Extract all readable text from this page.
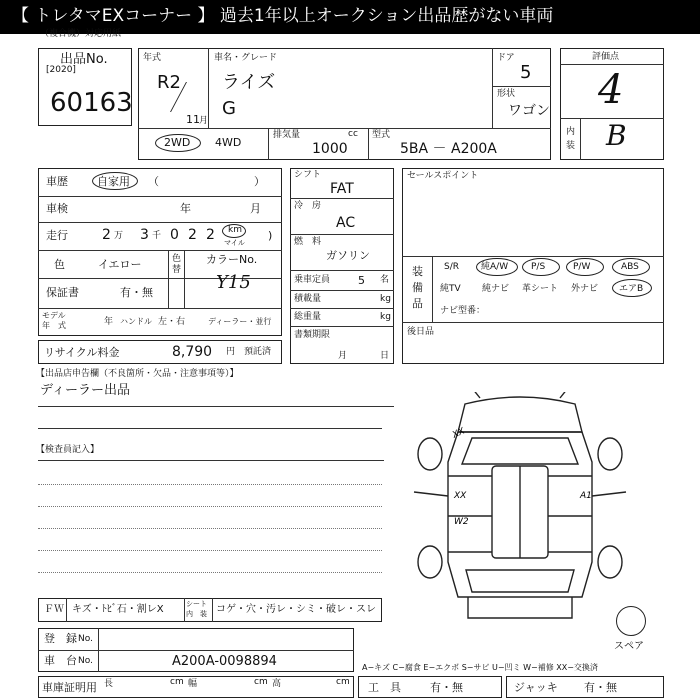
【 トレタマEXコーナー 】 過去1年以上オークション出品歴がない車両
（複合機）対応用紙
出品No.
[2020]
60163
年式
R2
11 月
車名・グレード
ライズ
G
ドア
5
形状
ワゴン
2WD 4WD
排気量	cc
1000
型式
5BA － A200A
評価点
4
内
装 B
車歴	自家用 （	）
車検	年	月
走行 2 万 3 千 0 2 2 km
マイル
)
色	イエロー	色
替
カラーNo.
Y15
保証書	有・無
モデル
年　式	年 ハンドル 左・右	ディーラー・並行
リサイクル料金	8,790 円 預託済
シフト
FAT
冷　房
AC
燃　料
ガソリン
乗車定員	5 名
積載量	kg
総重量	kg
書類期限
月	日
セールスポイント
装
備
品
S/R 純A/W	P/S	P/W	ABS
純TV 純ナビ 革シート 外ナビ エアB
ナビ型番：
後日品
【出品店申告欄（不良箇所・欠品・注意事項等）】
ディーラー出品
【検査員記入】
XX
W2
A1
XX
スペア
ＦＷ キズ・ﾄﾋﾞ石・割レX	シート
内　装 コゲ・穴・汚レ・シミ・破レ・スレ
登　録 No.
車　台 No.	A200A-0098894
車庫証明用 長	cm 幅	cm 高	cm
A−キズ C−腐食 E−エクボ S−サビ U−凹ミ W−補修 XX−交換済
工　具	有・無	ジャッキ 有・無
